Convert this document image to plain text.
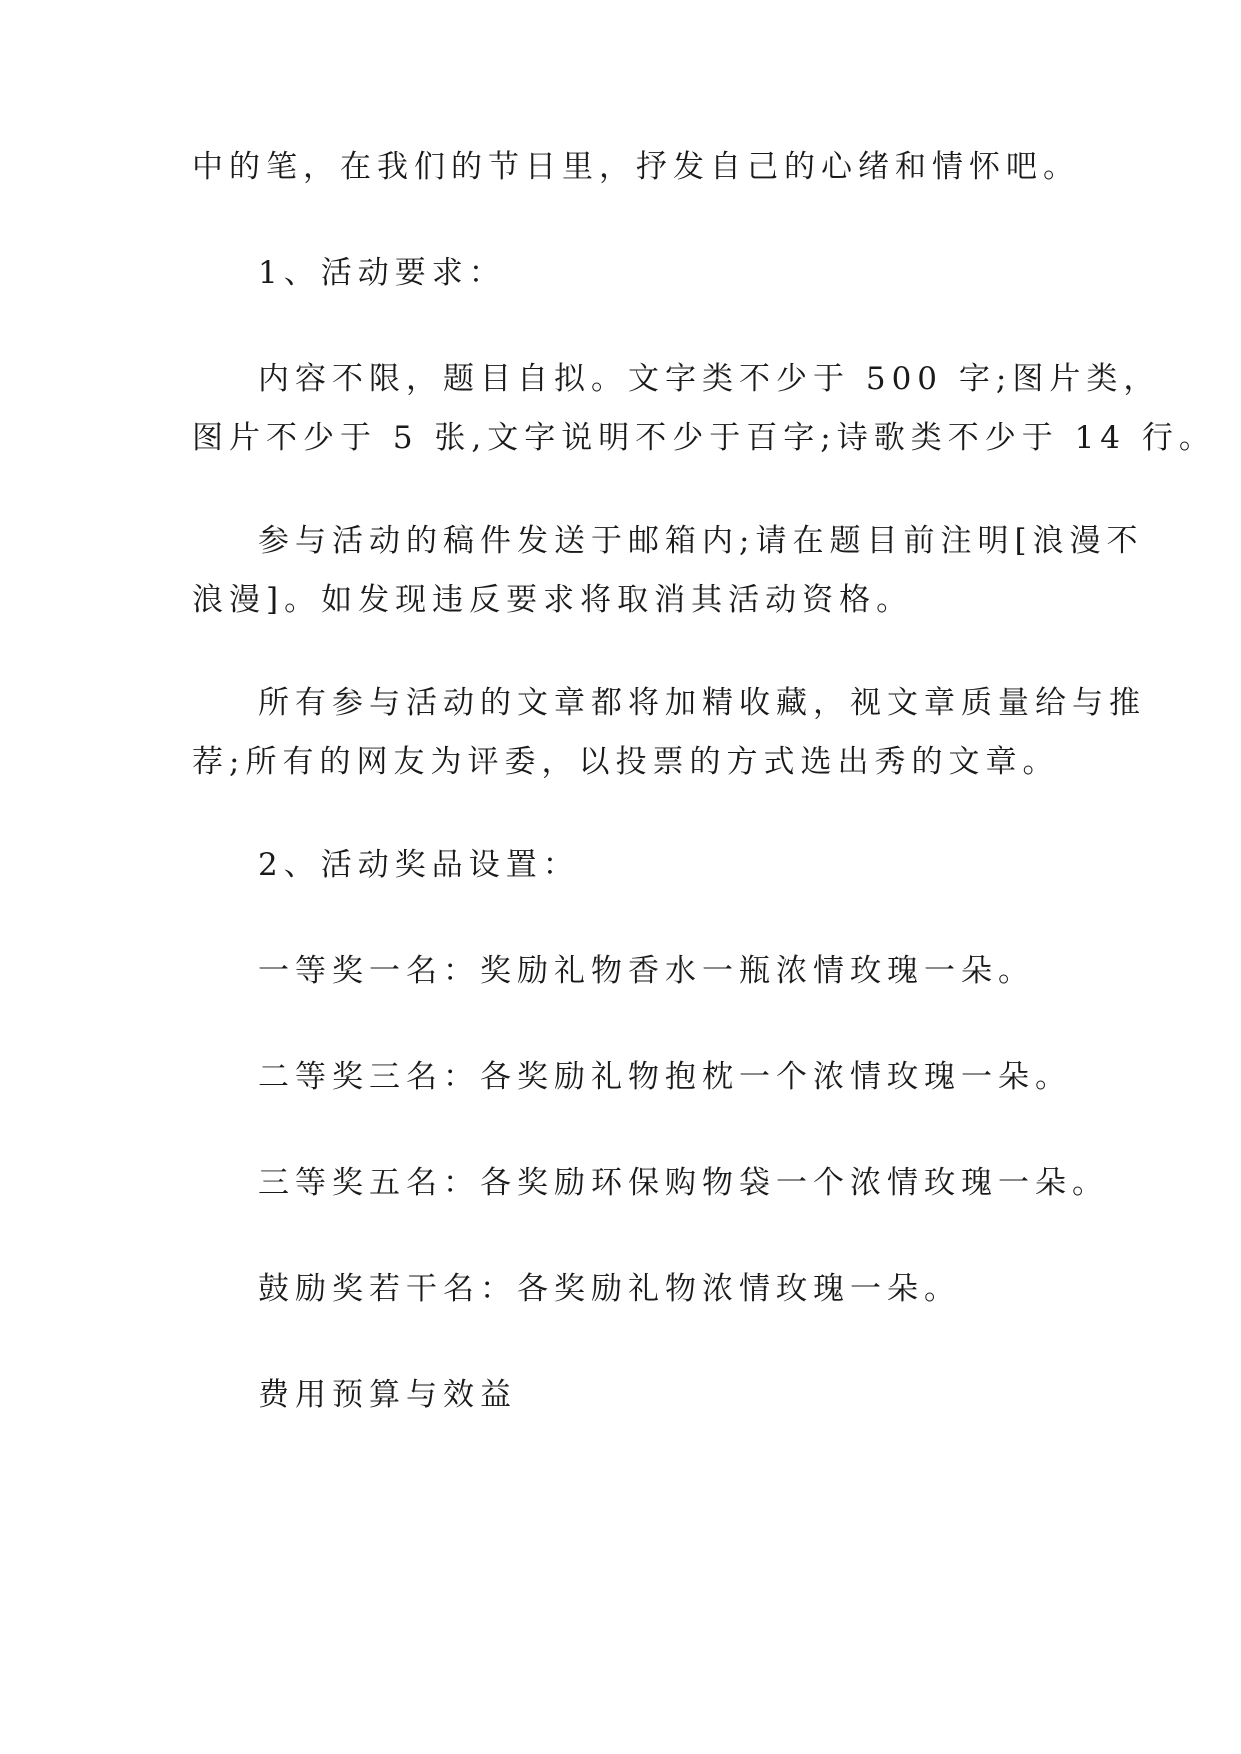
中的笔，在我们的节日里，抒发自己的心绪和情怀吧。

1、活动要求：

内容不限，题目自拟。文字类不少于 500 字;图片类，
图片不少于 5 张,文字说明不少于百字;诗歌类不少于 14 行。
参与活动的稿件发送于邮箱内;请在题目前注明[浪漫不
浪漫]。如发现违反要求将取消其活动资格。
所有参与活动的文章都将加精收藏，视文章质量给与推
荐;所有的网友为评委，以投票的方式选出秀的文章。

2、活动奖品设置：

一等奖一名：奖励礼物香水一瓶浓情玫瑰一朵。

二等奖三名：各奖励礼物抱枕一个浓情玫瑰一朵。

三等奖五名：各奖励环保购物袋一个浓情玫瑰一朵。

鼓励奖若干名：各奖励礼物浓情玫瑰一朵。

费用预算与效益
